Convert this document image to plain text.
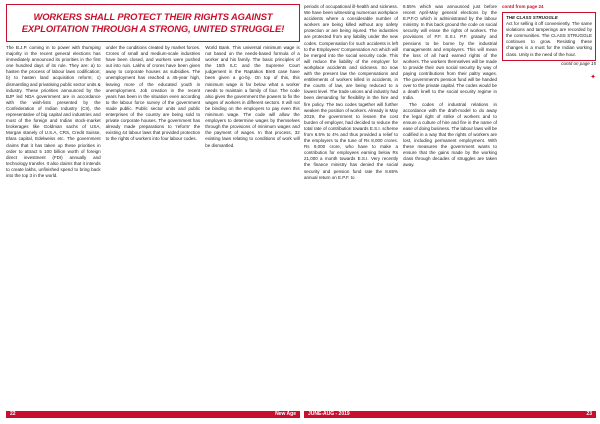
WORKERS SHALL PROTECT THEIR RIGHTS AGAINST
EXPLOITATION THROUGH A STRONG, UNITED STRUGGLE!

The B.J.P. coming in to power with thumping majority in the recent general elections has immediately announced its priorities in the first one hundred days of its rule. They are: a) to hasten the process of labour laws codification; b) to hasten land acquisition reform; c) dismantling and privatising public sector units & industry. These priorities announced by the BJP led NDA government are in accordance with the wish-lists presented by the Confederation of Indian Industry (CII), the representative of big capital and industries and most of the foreign and Indian stock-market brokerages like Goldman sachs of USA, Morgan stanely of U.S.A, CRS, Credit Suisse, Elara capital, Edelweiss etc. The government claims that it has taken up these priorities in order to attract 5 100 billion worth of foreign direct investment (FDI) annually and technology transfer. It also claims that it intends to create lakhs, unfinished spend to bring back into the top 3 in the world.

under the conditions created by market forces. Crores of small and medium-scale industries have been closed, and workers were pushed out into ruin. Lakhs of crores have been given away to corporate houses as subsidies. The unemployment has reached a 45-year high, leaving more of the educated youth in unemployment. Job creation in the recent years has been in the situation even according to the labour force survey of the government made public. Public sector units and public enterprises of the country are being sold to private corporate houses. The government has already made preparations to 'reform' the existing 44 labour laws that provided protection to the rights of workers into four labour codes.

World Bank. This universal minimum wage is not based on the needs-based formula of a worker and his family. The basic principles of the 15th ILC and the Supreme Court judgement in the Raptakos Brett case have been given a go-by. On top of this, this minimum wage is far below what a worker needs to maintain a family of four. The code also gives the government the powers to fix the wages of workers in different sectors. It will not be binding on the employers to pay even this minimum wage. The code will allow the employers to determine wages by themselves through the provisions of minimum wages and the payment of wages. In that process, 32 existing laws relating to conditions of work will be dismantled.

22	New Age

periods of occupational ill-health and sickness. We have been witnessing numerous workplace accidents where a considerable number of workers are being killed without any safety protection or are being injured. The industries are protected from any liability under the new codes. Compensation for such accidents is left to the Employees' Compensation Act which will be merged into the social security code. This will reduce the liability of the employer for workplace accidents and sickness. So now with the present law the compensations and entitlements of workers killed in accidents, in the courts of law, are being reduced to a lowest level. The trade unions and industry had been demanding for flexibility in the hire and fire policy. The two codes together will further weaken the position of workers. Already in May 2019, the government to lessen the cost burden of employer, had decided to reduce the total rate of contribution towards E.S.I. scheme from 6.5% to 4% and thus provided a relief to the employers to the tune of Rs 8,000 crores. Rs 9,000 crore, who have to make a contribution for employees earning below Rs 21,000 a month towards E.S.I. Very recently the finance ministry has denied the social security and pension fund rate the 8.65% annual return on E.P.F. to

8.55% which was announced just before recent April-May general elections by the E.P.F.O which is administrated by the labour ministry. In this back ground the code on social security will erase the rights of workers. The provisions of P.F. E.S.I. P.F. gratuity and pensions to be borne by the industrial managements and employers. This will mean the loss of all hard earned rights of the workers. The workers themselves will be made to provide their own social security by way of paying contributions from their paltry wages. The government's pension fund will be handed over to the private capital. The codes would be a death knell to the social security regime in India.

The codes of industrial relations in accordance with the draft-model to do away the legal right of strike of workers and to ensure a culture of hire and fire in the name of ease of doing business. The labour laws will be codified in a way that the rights of workers are lost, including permanent employment. With these measures the government wants to ensure that the gains made by the working class through decades of struggles are taken away.

contd from page 24
THE CLASS STRUGGLE
Act for selling it off conveniently. The same violations and tamperings are recorded by the communities. The CLASS STRUGGLE continues to grow. Resisting these changes is a must for the Indian working class. Unity is the need of the hour.
contd on page 15
✦
JUNE-AUG - 2019	23
